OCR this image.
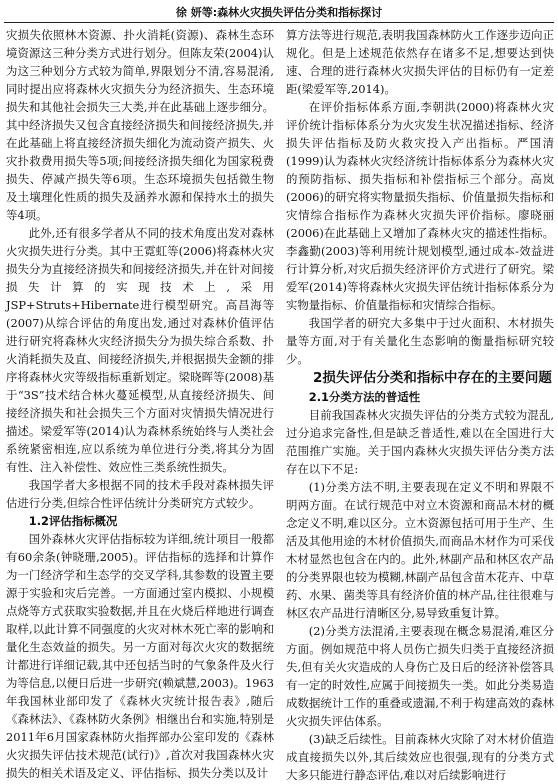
徐 妍等:森林火灾损失评估分类和指标探讨

灾损失依照林木资源、扑火消耗(资源)、森林生态环境资源这三种分类方式进行划分。但陈友荣(2004)认为这三种划分方式较为简单,界限划分不清,容易混淆,同时提出应将森林火灾损失分为经济损失、生态环境损失和其他社会损失三大类,并在此基础上逐步细分。其中经济损失又包含直接经济损失和间接经济损失,并在此基础上将直接经济损失细化为流动资产损失、火灾扑救费用损失等5项;间接经济损失细化为国家税费损失、停减产损失等6项。生态环境损失包括微生物及土壤理化性质的损失及涵养水源和保持水土的损失等4项。

此外,还有很多学者从不同的技术角度出发对森林火灾损失进行分类。其中王霓虹等(2006)将森林火灾损失分为直接经济损失和间接经济损失,并在针对间接损失计算的实现技术上,采用JSP+Struts+Hibernate进行模型研究。高昌海等(2007)从综合评估的角度出发,通过对森林价值评估进行研究将森林火灾经济损失分为损失综合系数、扑火消耗损失及直、间接经济损失,并根据损失金额的排序将森林火灾等级指标重新划定。梁晓晖等(2008)基于“3S”技术结合林火蔓延模型,从直接经济损失、间接经济损失和社会损失三个方面对灾情损失情况进行描述。梁爱军等(2014)认为森林系统始终与人类社会系统紧密相连,应以系统为单位进行分类,将其分为固有性、注入补偿性、效应性三类系统性损失。

我国学者大多根据不同的技术手段对森林损失评估进行分类,但综合性评估统计分类研究方式较少。

1.2评估指标概况

国外森林火灾评估指标较为详细,统计项目一般都有60余条(钟晓珊,2005)。评估指标的选择和计算作为一门经济学和生态学的交叉学科,其参数的设置主要源于实验和灾后完善。一方面通过室内模拟、小规模点烧等方式获取实验数据,并且在火烧后样地进行调查取样,以此计算不同强度的火灾对林木死亡率的影响和量化生态效益的损失。另一方面对每次火灾的数据统计都进行详细记载,其中还包括当时的气象条件及火行为等信息,以便日后进一步研究(赖斌慧,2003)。1963年我国林业部印发了《森林火灾统计报告表》,随后《森林法》、《森林防火条例》相继出台和实施,特别是2011年6月国家森林防火指挥部办公室印发的《森林火灾损失评估技术规范(试行)》,首次对我国森林火灾损失的相关术语及定义、评估指标、损失分类以及计

算方法等进行规范,表明我国森林防火工作逐步迈向正规化。但是上述规范依然存在诸多不足,想要达到快速、合理的进行森林火灾损失评估的目标仍有一定差距(梁爱军等,2014)。

在评价指标体系方面,李朝洪(2000)将森林火灾评价统计指标体系分为火灾发生状况描述指标、经济损失评估指标及防火救灾投入产出指标。严国清(1999)认为森林火灾经济统计指标体系分为森林火灾的预防指标、损失指标和补偿指标三个部分。高岚(2006)的研究将实物量损失指标、价值量损失指标和灾情综合指标作为森林火灾损失评价指标。廖晓丽(2006)在此基础上又增加了森林火灾的描述性指标。李鑫勤(2003)等利用统计规划模型,通过成本-效益进行计算分析,对灾后损失经济评价方式进行了研究。梁爱军(2014)等将森林火灾损失评估统计指标体系分为实物量指标、价值量指标和灾情综合指标。

我国学者的研究大多集中于过火面积、木材损失量等方面,对于有关量化生态影响的衡量指标研究较少。

2损失评估分类和指标中存在的主要问题

2.1分类方法的普适性

目前我国森林火灾损失评估的分类方式较为混乱,过分追求完备性,但是缺乏普适性,难以在全国进行大范围推广实施。关于国内森林火灾损失评估分类方法存在以下不足:

(1)分类方法不明,主要表现在定义不明和界限不明两方面。在试行规范中对立木资源和商品木材的概念定义不明,难以区分。立木资源包括可用于生产、生活及其他用途的木材价值损失,而商品木材作为可采伐木材显然也包含在内的。此外,林副产品和林区农产品的分类界限也较为模糊,林副产品包含苗木花卉、中草药、水果、菌类等具有经济价值的林产品,往往很难与林区农产品进行清晰区分,易导致重复计算。

(2)分类方法混淆,主要表现在概念易混淆,难区分方面。例如规范中将人员伤亡损失归类于直接经济损失,但有关火灾造成的人身伤亡及日后的经济补偿答具有一定的时效性,应属于间接损失一类。如此分类易造成数据统计工作的重叠或遗漏,不利于构建高效的森林火灾损失评估体系。

(3)缺乏后续性。目前森林火灾除了对木材价值造成直接损失以外,其后续效应也很强,现有的分类方式大多只能进行静态评估,难以对后续影响进行
